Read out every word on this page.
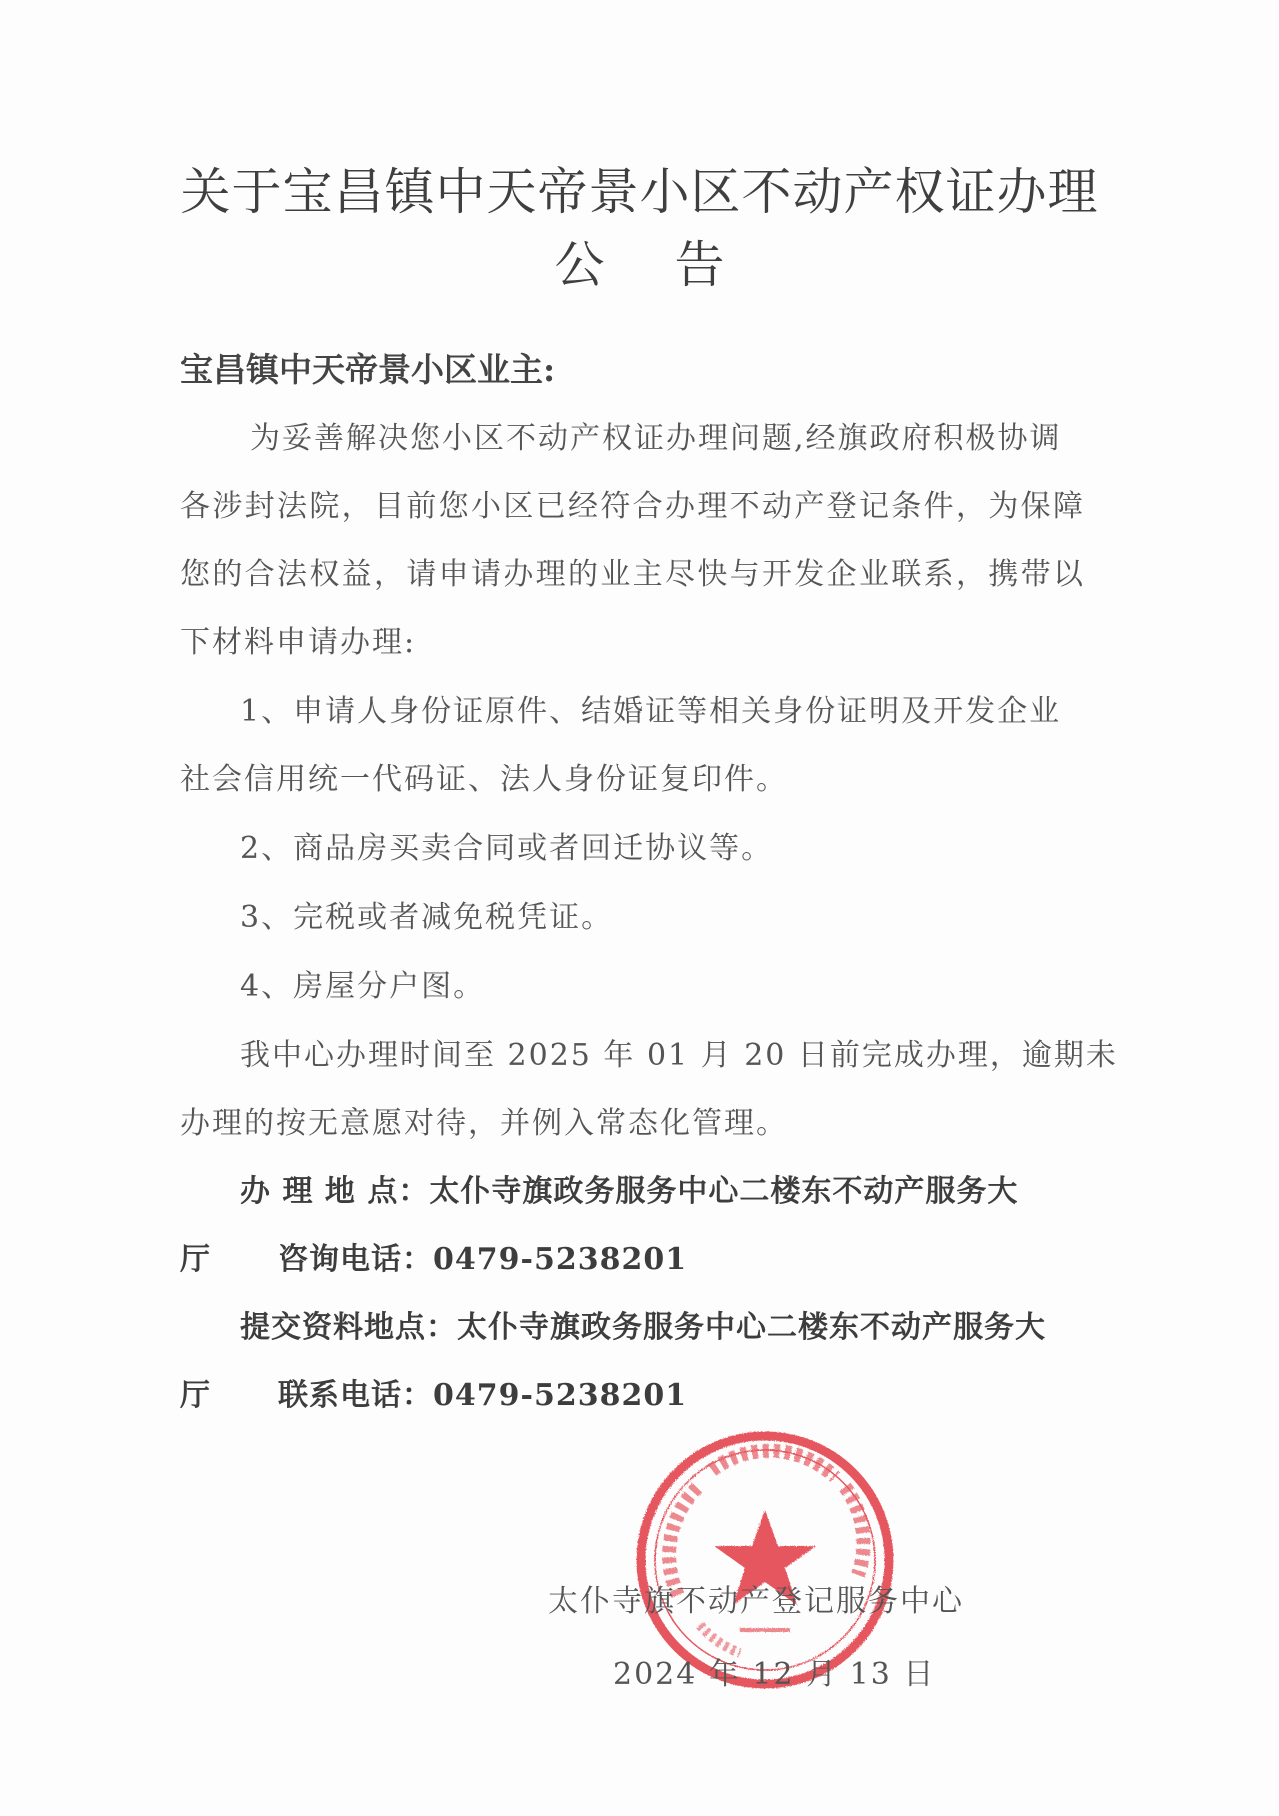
关于宝昌镇中天帝景小区不动产权证办理
公告
宝昌镇中天帝景小区业主:
为妥善解决您小区不动产权证办理问题,经旗政府积极协调
各涉封法院，目前您小区已经符合办理不动产登记条件，为保障
您的合法权益，请申请办理的业主尽快与开发企业联系，携带以
下材料申请办理:
1、申请人身份证原件、结婚证等相关身份证明及开发企业
社会信用统一代码证、法人身份证复印件。
2、商品房买卖合同或者回迁协议等。
3、完税或者减免税凭证。
4、房屋分户图。
我中心办理时间至 2025 年 01 月 20 日前完成办理，逾期未
办理的按无意愿对待，并例入常态化管理。
办 理 地 点：太仆寺旗政务服务中心二楼东不动产服务大
厅 咨询电话：0479-5238201
提交资料地点：太仆寺旗政务服务中心二楼东不动产服务大
厅 联系电话：0479-5238201
太仆寺旗不动产登记服务中心
2024 年 12 月 13 日
